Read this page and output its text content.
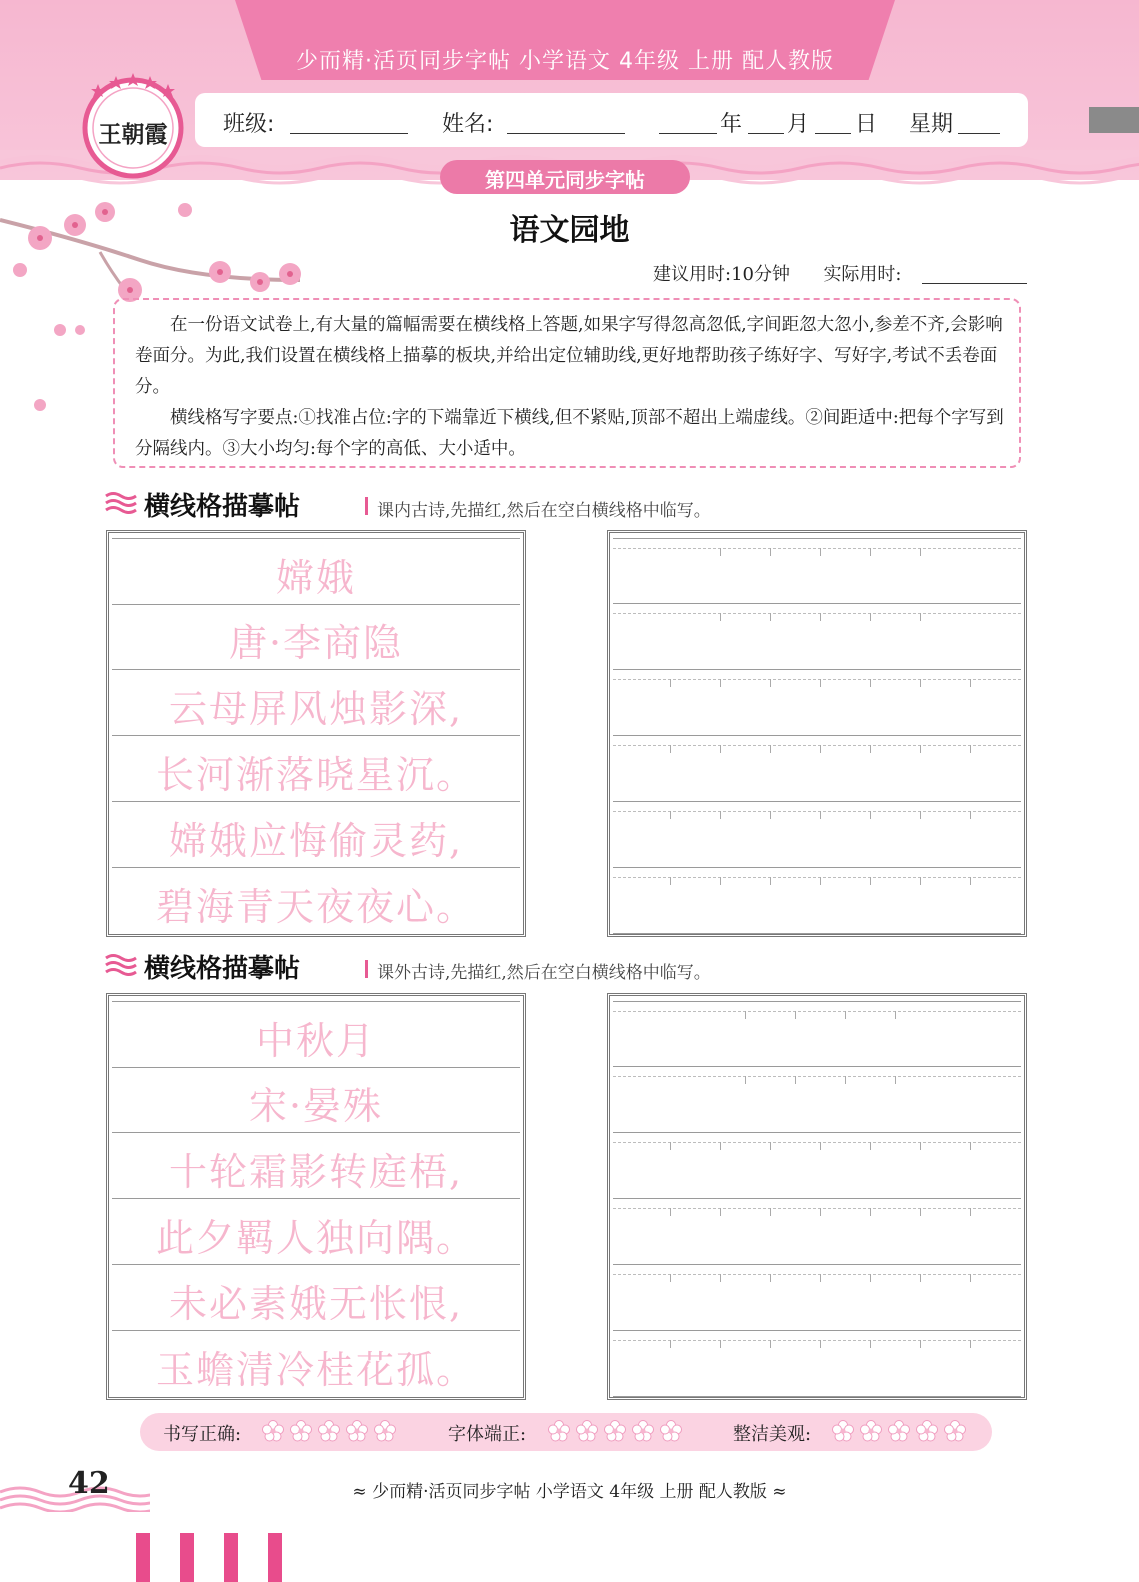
少而精·活页同步字帖 小学语文 4年级 上册 配人教版
班级:	姓名:	年 月 日 星期
第四单元同步字帖
王朝霞
语文园地
建议用时:10分钟 实际用时:

在一份语文试卷上,有大量的篇幅需要在横线格上答题,如果字写得忽高忽低,字间距忽大忽小,参差不齐,会影响卷面分。为此,我们设置在横线格上描摹的板块,并给出定位辅助线,更好地帮助孩子练好字、写好字,考试不丢卷面分。

横线格写字要点:①找准占位:字的下端靠近下横线,但不紧贴,顶部不超出上端虚线。②间距适中:把每个字写到分隔线内。③大小均匀:每个字的高低、大小适中。

横线格描摹帖	课内古诗,先描红,然后在空白横线格中临写。
嫦娥
唐·李商隐
云母屏风烛影深,
长河渐落晓星沉。
嫦娥应悔偷灵药,
碧海青天夜夜心。
横线格描摹帖	课外古诗,先描红,然后在空白横线格中临写。
中秋月
宋·晏殊
十轮霜影转庭梧,
此夕羁人独向隅。
未必素娥无怅恨,
玉蟾清冷桂花孤。
书写正确:	字体端正:	整洁美观:
42	≈ 少而精·活页同步字帖 小学语文 4年级 上册 配人教版 ≈
